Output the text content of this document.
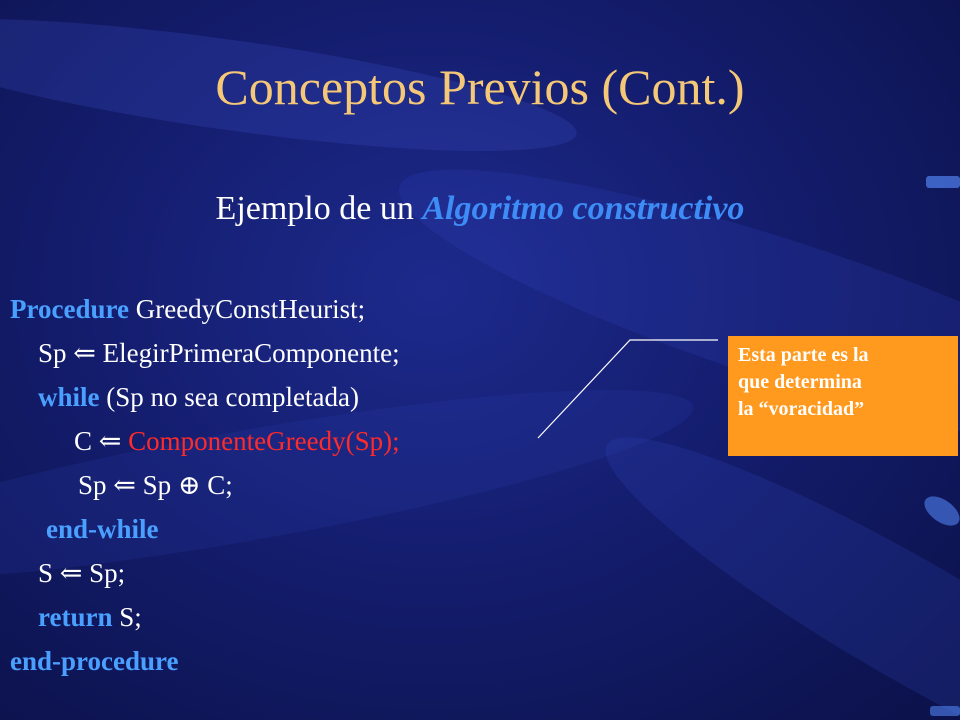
Conceptos Previos (Cont.)
Ejemplo de un Algoritmo constructivo
Procedure GreedyConstHeurist;
Sp ⇐ ElegirPrimeraComponente;
while (Sp no sea completada)
C ⇐ ComponenteGreedy(Sp);
Sp ⇐ Sp ⊕ C;
end-while
S ⇐ Sp;
return S;
end-procedure
Esta parte es la
que determina
la “voracidad”
